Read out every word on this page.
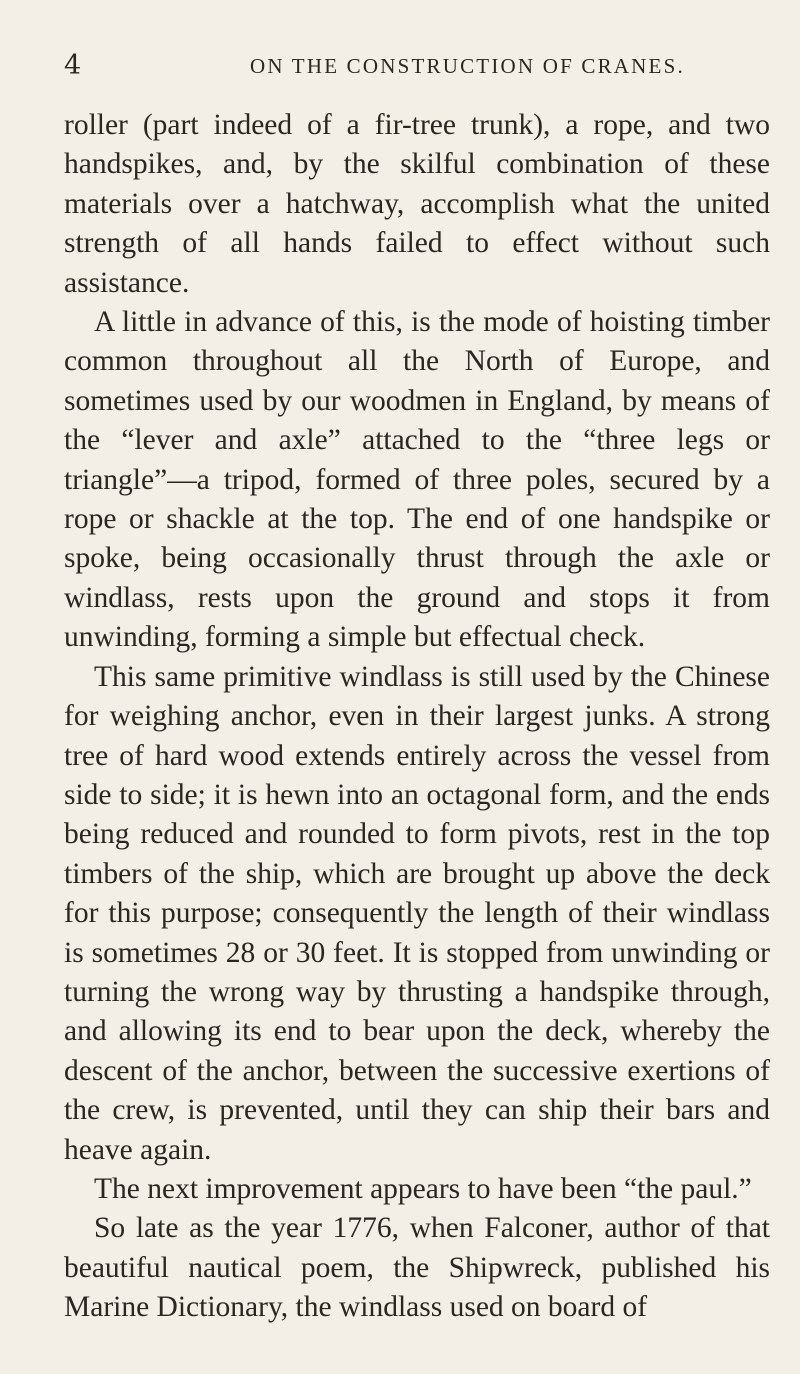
4	ON THE CONSTRUCTION OF CRANES.

roller (part indeed of a fir-tree trunk), a rope, and two handspikes, and, by the skilful combination of these materials over a hatchway, accomplish what the united strength of all hands failed to effect without such assistance.

A little in advance of this, is the mode of hoisting timber common throughout all the North of Europe, and sometimes used by our woodmen in England, by means of the “lever and axle” attached to the “three legs or triangle”—a tripod, formed of three poles, secured by a rope or shackle at the top. The end of one handspike or spoke, being occasionally thrust through the axle or windlass, rests upon the ground and stops it from unwinding, forming a simple but effectual check.

This same primitive windlass is still used by the Chinese for weighing anchor, even in their largest junks. A strong tree of hard wood extends entirely across the vessel from side to side; it is hewn into an octagonal form, and the ends being reduced and rounded to form pivots, rest in the top timbers of the ship, which are brought up above the deck for this purpose; consequently the length of their windlass is sometimes 28 or 30 feet. It is stopped from unwinding or turning the wrong way by thrusting a handspike through, and allowing its end to bear upon the deck, whereby the descent of the anchor, between the successive exertions of the crew, is prevented, until they can ship their bars and heave again.

The next improvement appears to have been “the paul.”

So late as the year 1776, when Falconer, author of that beautiful nautical poem, the Shipwreck, published his Marine Dictionary, the windlass used on board of
